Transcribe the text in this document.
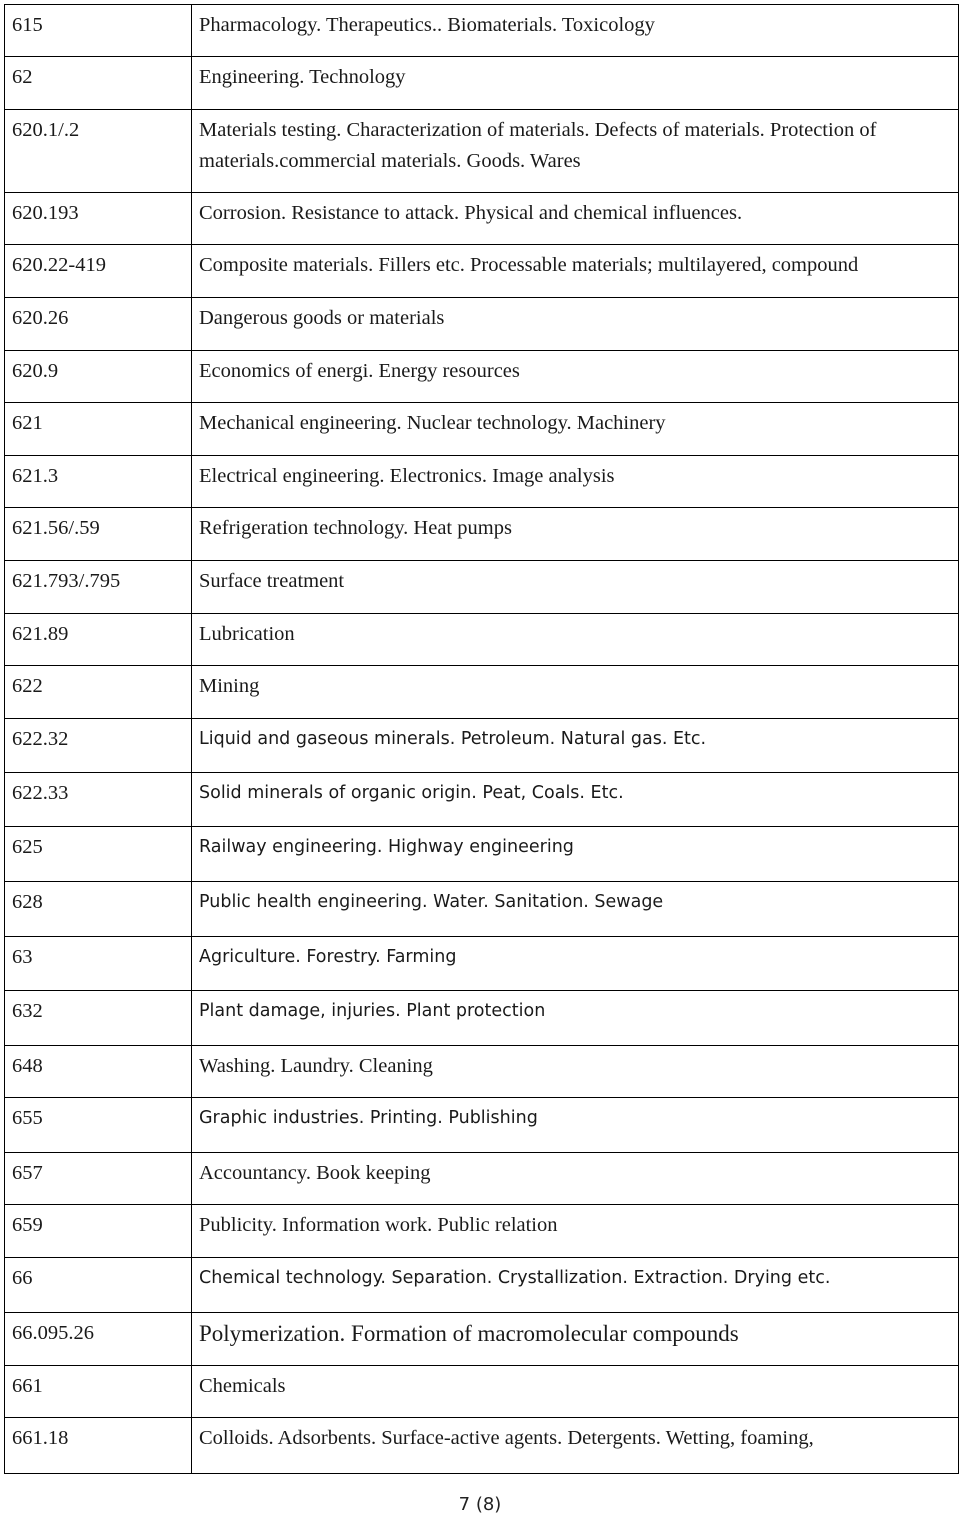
615	Pharmacology. Therapeutics.. Biomaterials. Toxicology
62	Engineering. Technology
620.1/.2	Materials testing. Characterization of materials. Defects of materials. Protection of materials.commercial materials. Goods. Wares
620.193	Corrosion. Resistance to attack. Physical and chemical influences.
620.22-419	Composite materials. Fillers etc. Processable materials; multilayered, compound
620.26	Dangerous goods or materials
620.9	Economics of energi. Energy resources
621	Mechanical engineering. Nuclear technology. Machinery
621.3	Electrical engineering. Electronics. Image analysis
621.56/.59	Refrigeration technology. Heat pumps
621.793/.795	Surface treatment
621.89	Lubrication
622	Mining
622.32	Liquid and gaseous minerals. Petroleum. Natural gas. Etc.
622.33	Solid minerals of organic origin. Peat, Coals. Etc.
625	Railway engineering. Highway engineering
628	Public health engineering. Water. Sanitation. Sewage
63	Agriculture. Forestry. Farming
632	Plant damage, injuries. Plant protection
648	Washing. Laundry. Cleaning
655	Graphic industries. Printing. Publishing
657	Accountancy. Book keeping
659	Publicity. Information work. Public relation
66	Chemical technology. Separation. Crystallization. Extraction. Drying etc.
66.095.26	Polymerization. Formation of macromolecular compounds
661	Chemicals
661.18	Colloids. Adsorbents. Surface-active agents. Detergents. Wetting, foaming,
7 (8)
